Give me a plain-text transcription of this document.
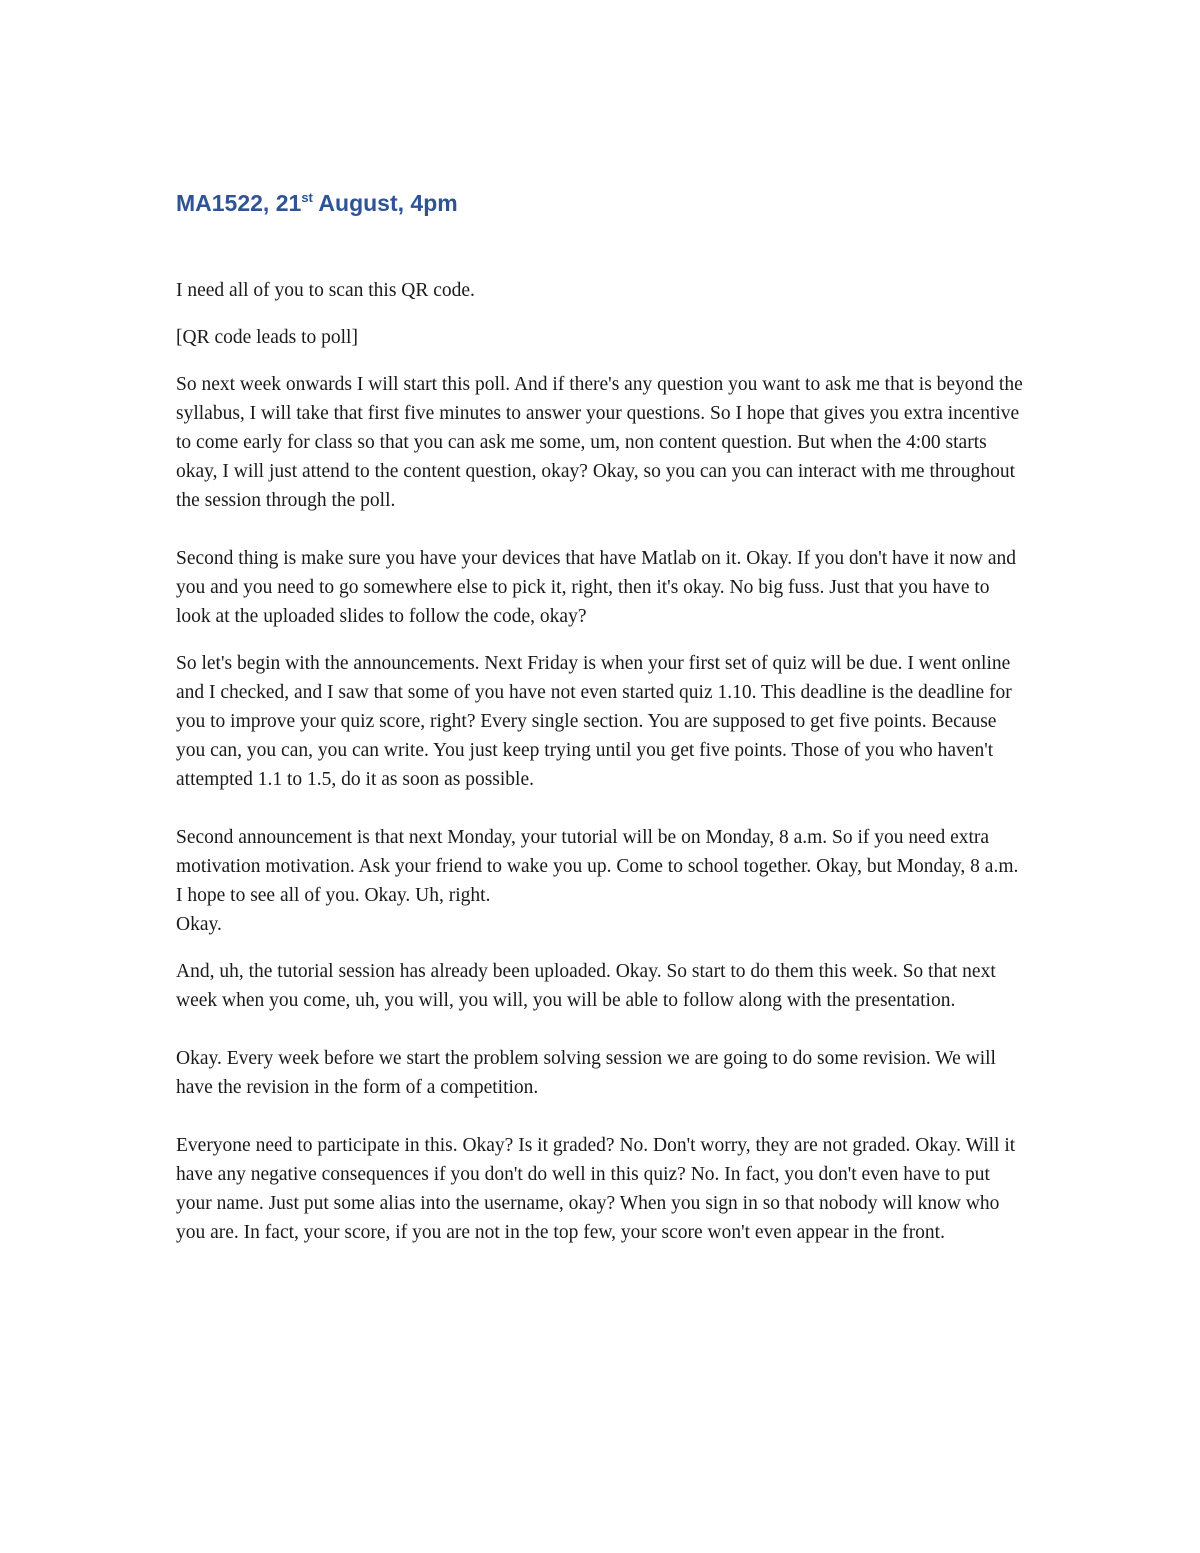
MA1522, 21st August, 4pm

I need all of you to scan this QR code.

[QR code leads to poll]

So next week onwards I will start this poll. And if there's any question you want to ask me that is beyond the syllabus, I will take that first five minutes to answer your questions. So I hope that gives you extra incentive to come early for class so that you can ask me some, um, non content question. But when the 4:00 starts okay, I will just attend to the content question, okay? Okay, so you can you can interact with me throughout the session through the poll.

Second thing is make sure you have your devices that have Matlab on it. Okay. If you don't have it now and you and you need to go somewhere else to pick it, right, then it's okay. No big fuss. Just that you have to look at the uploaded slides to follow the code, okay?

So let's begin with the announcements. Next Friday is when your first set of quiz will be due. I went online and I checked, and I saw that some of you have not even started quiz 1.10. This deadline is the deadline for you to improve your quiz score, right? Every single section. You are supposed to get five points. Because you can, you can, you can write. You just keep trying until you get five points. Those of you who haven't attempted 1.1 to 1.5, do it as soon as possible.

Second announcement is that next Monday, your tutorial will be on Monday, 8 a.m. So if you need extra motivation motivation. Ask your friend to wake you up. Come to school together. Okay, but Monday, 8 a.m. I hope to see all of you. Okay. Uh, right.

Okay.

And, uh, the tutorial session has already been uploaded. Okay. So start to do them this week. So that next week when you come, uh, you will, you will, you will be able to follow along with the presentation.

Okay. Every week before we start the problem solving session we are going to do some revision. We will have the revision in the form of a competition.

Everyone need to participate in this. Okay? Is it graded? No. Don't worry, they are not graded. Okay. Will it have any negative consequences if you don't do well in this quiz? No. In fact, you don't even have to put your name. Just put some alias into the username, okay? When you sign in so that nobody will know who you are. In fact, your score, if you are not in the top few, your score won't even appear in the front.
